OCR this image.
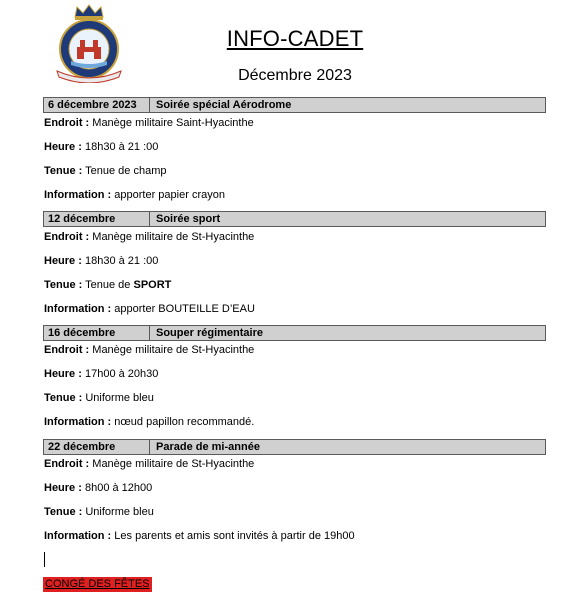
INFO-CADET
Décembre 2023
6 décembre 2023	Soirée spécial Aérodrome
Endroit : Manège militaire Saint-Hyacinthe
Heure : 18h30 à 21 :00
Tenue : Tenue de champ
Information : apporter papier crayon
12 décembre	Soirée sport
Endroit : Manège militaire de St-Hyacinthe
Heure : 18h30 à 21 :00
Tenue : Tenue de SPORT
Information : apporter BOUTEILLE D’EAU
16 décembre	Souper régimentaire
Endroit : Manège militaire de St-Hyacinthe
Heure : 17h00 à 20h30
Tenue : Uniforme bleu
Information : nœud papillon recommandé.
22 décembre	Parade de mi-année
Endroit : Manège militaire de St-Hyacinthe
Heure : 8h00 à 12h00
Tenue : Uniforme bleu
Information : Les parents et amis sont invités à partir de 19h00
CONGÉ DES FÊTES
